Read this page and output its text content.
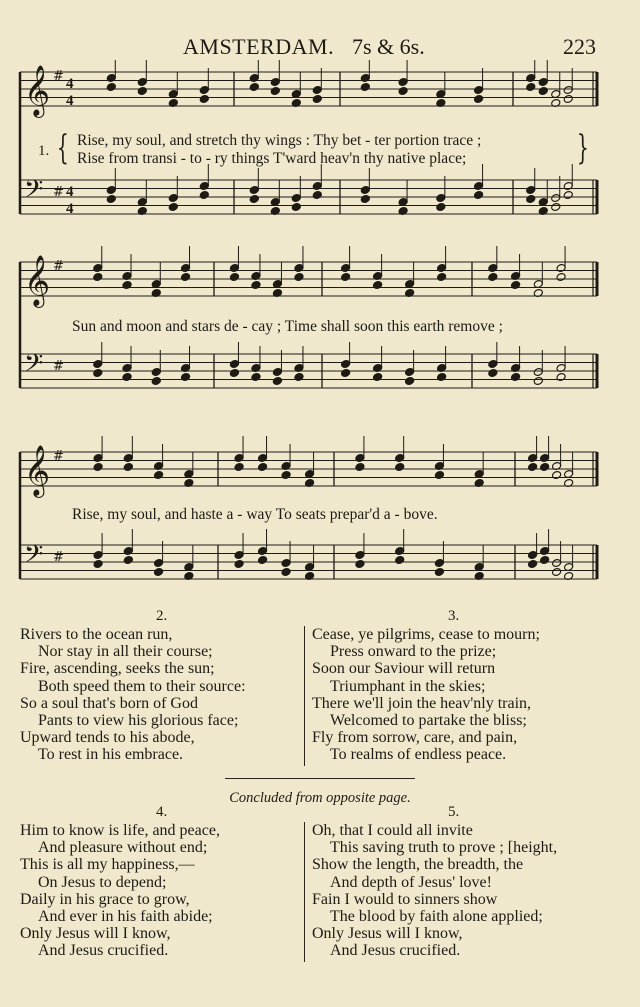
AMSTERDAM. 7s & 6s.	223
𝄞 # 4
4
𝄢 # 4
4
𝄞 #
𝄢 #
𝄞 #
𝄢 #
1. { Rise, my soul, and stretch thy wings : Thy bet - ter portion trace ;
Rise from transi - to - ry things T'ward heav'n thy native place;	}
Sun and moon and stars de - cay ; Time shall soon this earth remove ;
Rise, my soul, and haste a - way To seats prepar'd a - bove.
2.	3.
Rivers to the ocean run,
Nor stay in all their course;
Fire, ascending, seeks the sun;
Both speed them to their source:
So a soul that's born of God
Pants to view his glorious face;
Upward tends to his abode,
To rest in his embrace.
Cease, ye pilgrims, cease to mourn;
Press onward to the prize;
Soon our Saviour will return
Triumphant in the skies;
There we'll join the heav'nly train,
Welcomed to partake the bliss;
Fly from sorrow, care, and pain,
To realms of endless peace.
Concluded from opposite page.
4.	5.
Him to know is life, and peace,
And pleasure without end;
This is all my happiness,—
On Jesus to depend;
Daily in his grace to grow,
And ever in his faith abide;
Only Jesus will I know,
And Jesus crucified.
Oh, that I could all invite
This saving truth to prove ; [height,
Show the length, the breadth, the
And depth of Jesus' love!
Fain I would to sinners show
The blood by faith alone applied;
Only Jesus will I know,
And Jesus crucified.
